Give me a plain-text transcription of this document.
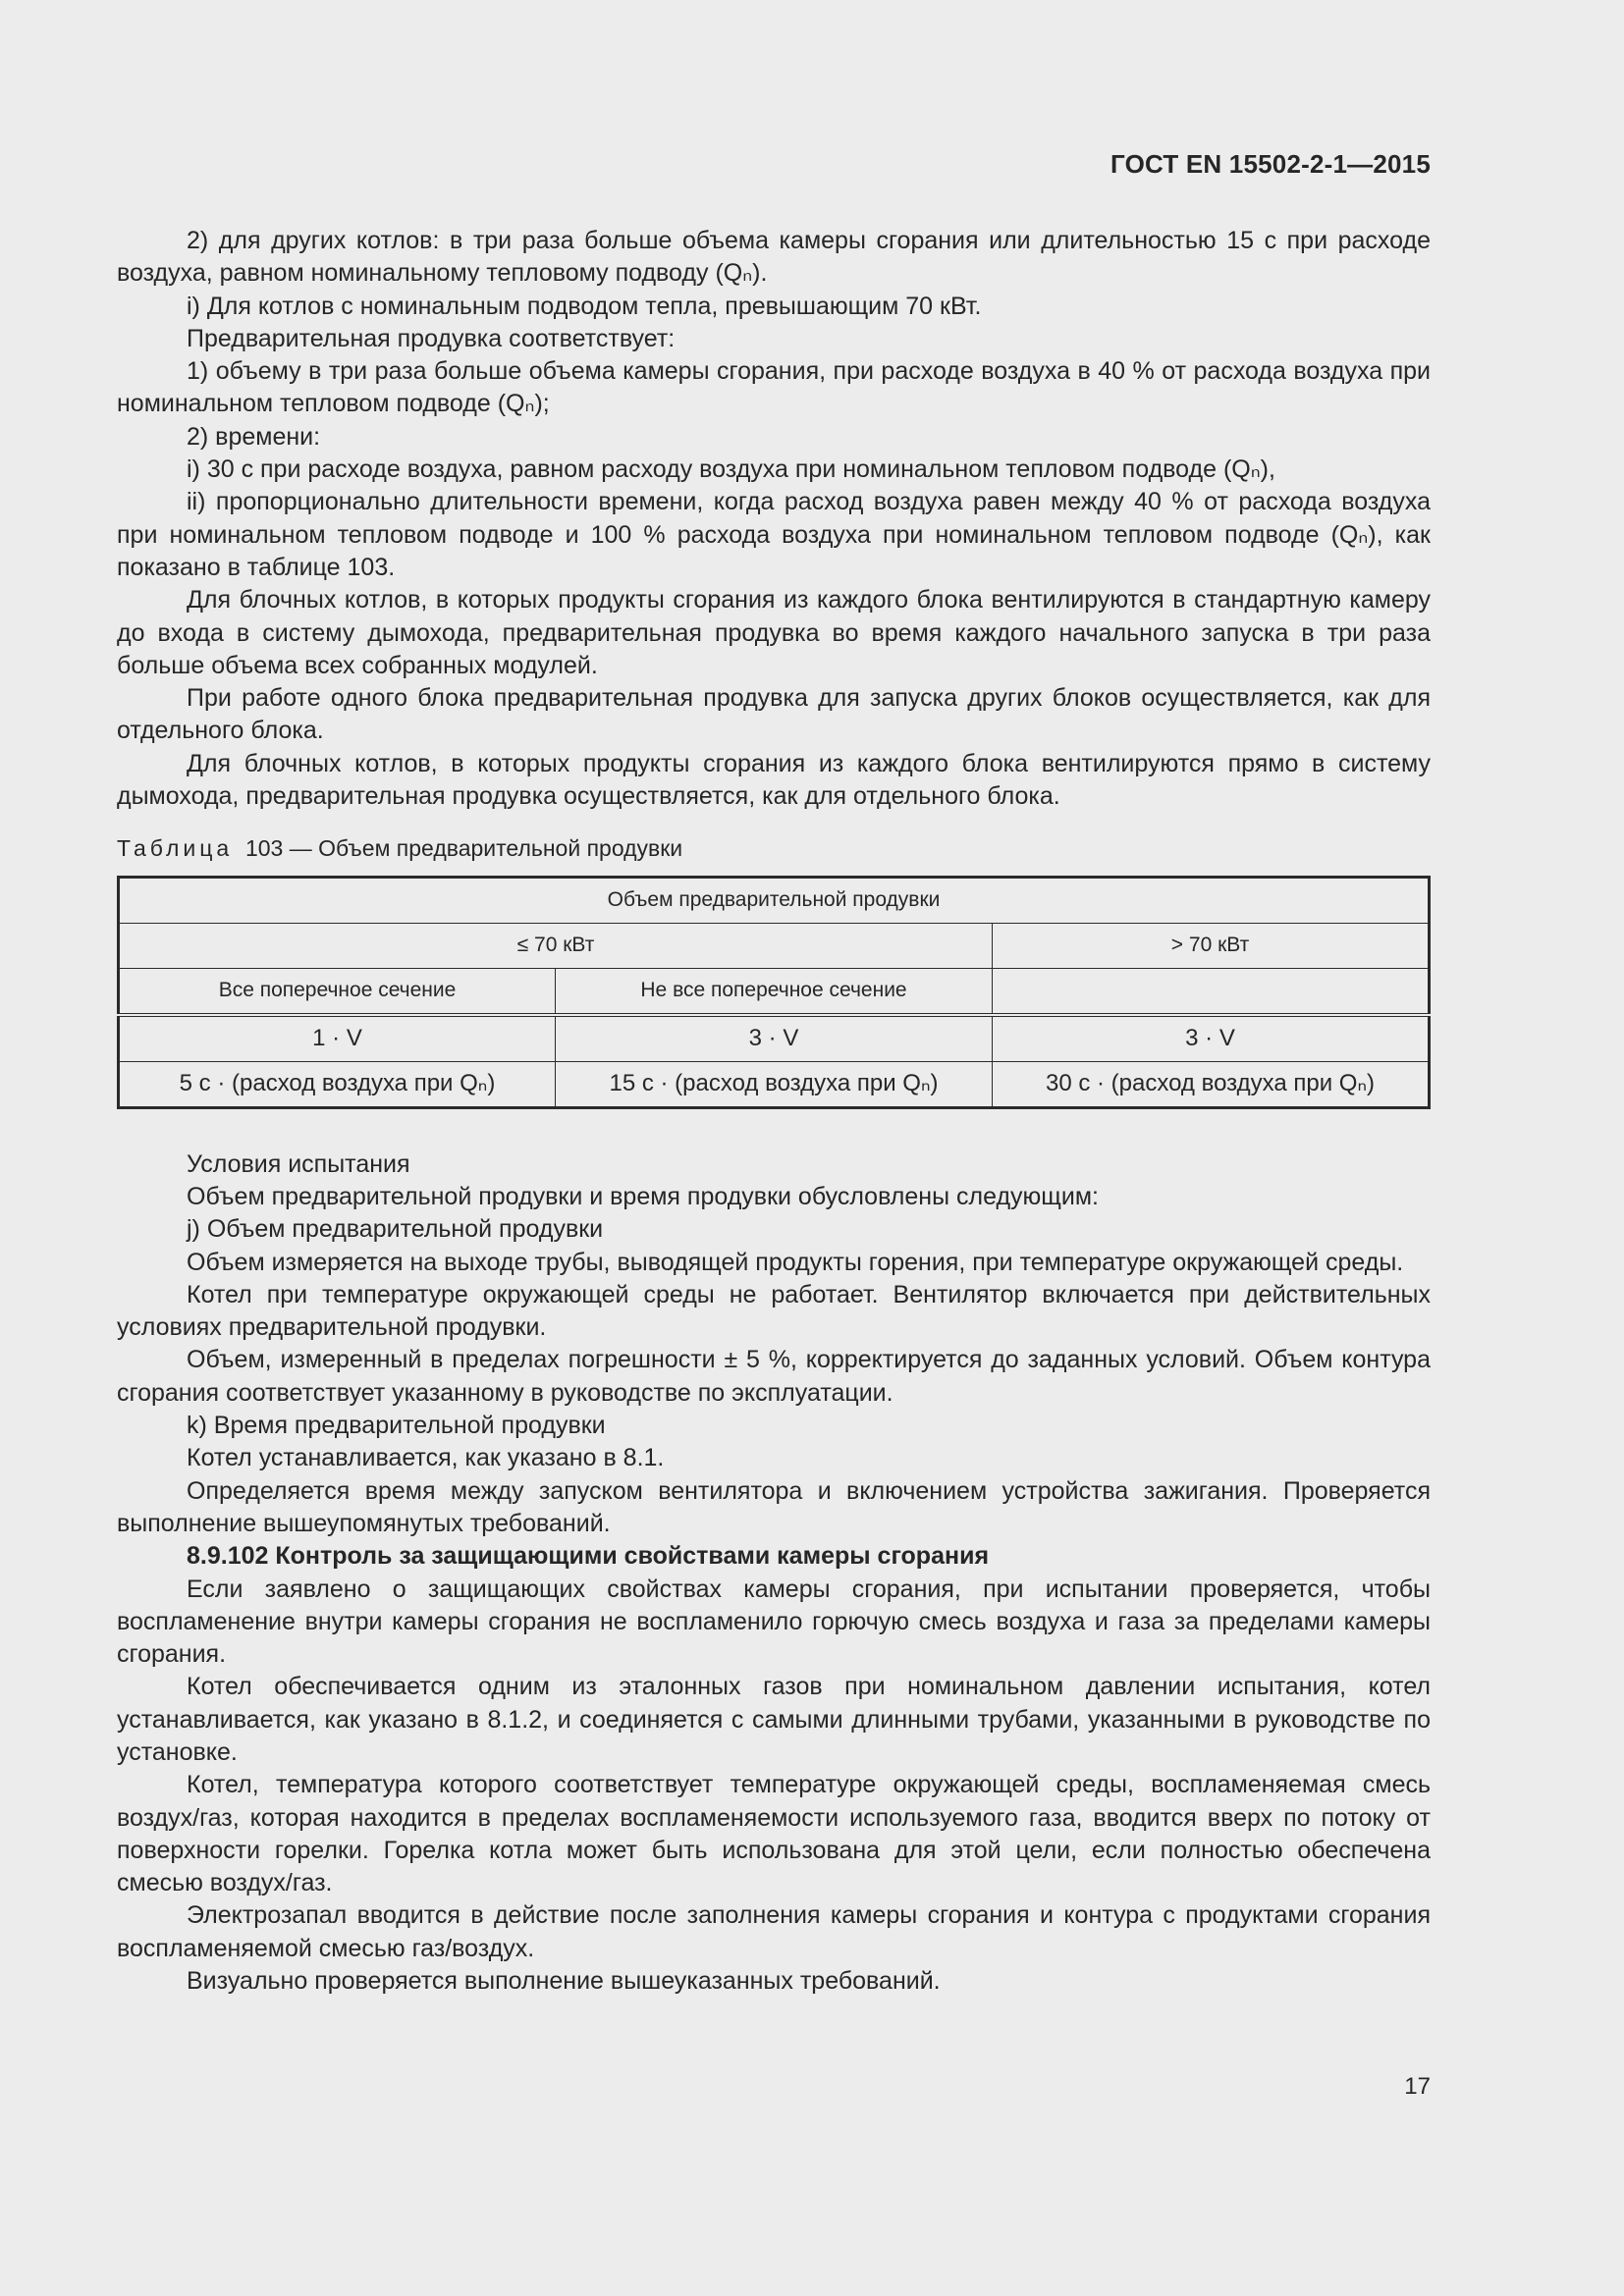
ГОСТ EN 15502-2-1—2015

2) для других котлов: в три раза больше объема камеры сгорания или длительностью 15 с при расходе воздуха, равном номинальному тепловому подводу (Qₙ).

i) Для котлов с номинальным подводом тепла, превышающим 70 кВт.

Предварительная продувка соответствует:

1) объему в три раза больше объема камеры сгорания, при расходе воздуха в 40 % от расхода воздуха при номинальном тепловом подводе (Qₙ);

2) времени:

i) 30 с при расходе воздуха, равном расходу воздуха при номинальном тепловом подводе (Qₙ),

ii) пропорционально длительности времени, когда расход воздуха равен между 40 % от расхода воздуха при номинальном тепловом подводе и 100 % расхода воздуха при номинальном тепловом подводе (Qₙ), как показано в таблице 103.

Для блочных котлов, в которых продукты сгорания из каждого блока вентилируются в стандартную камеру до входа в систему дымохода, предварительная продувка во время каждого начального запуска в три раза больше объема всех собранных модулей.

При работе одного блока предварительная продувка для запуска других блоков осуществляется, как для отдельного блока.

Для блочных котлов, в которых продукты сгорания из каждого блока вентилируются прямо в систему дымохода, предварительная продувка осуществляется, как для отдельного блока.

Таблица 103 — Объем предварительной продувки

Объем предварительной продувки		
≤ 70 кВт		> 70 кВт
Все поперечное сечение	Не все поперечное сечение	
1 · V	3 · V	3 · V
5 с · (расход воздуха при Qₙ)	15 с · (расход воздуха при Qₙ)	30 с · (расход воздуха при Qₙ)

Условия испытания

Объем предварительной продувки и время продувки обусловлены следующим:

j) Объем предварительной продувки

Объем измеряется на выходе трубы, выводящей продукты горения, при температуре окружающей среды.

Котел при температуре окружающей среды не работает. Вентилятор включается при действительных условиях предварительной продувки.

Объем, измеренный в пределах погрешности ± 5 %, корректируется до заданных условий. Объем контура сгорания соответствует указанному в руководстве по эксплуатации.

k) Время предварительной продувки

Котел устанавливается, как указано в 8.1.

Определяется время между запуском вентилятора и включением устройства зажигания. Проверяется выполнение вышеупомянутых требований.

8.9.102 Контроль за защищающими свойствами камеры сгорания

Если заявлено о защищающих свойствах камеры сгорания, при испытании проверяется, чтобы воспламенение внутри камеры сгорания не воспламенило горючую смесь воздуха и газа за пределами камеры сгорания.

Котел обеспечивается одним из эталонных газов при номинальном давлении испытания, котел устанавливается, как указано в 8.1.2, и соединяется с самыми длинными трубами, указанными в руководстве по установке.

Котел, температура которого соответствует температуре окружающей среды, воспламеняемая смесь воздух/газ, которая находится в пределах воспламеняемости используемого газа, вводится вверх по потоку от поверхности горелки. Горелка котла может быть использована для этой цели, если полностью обеспечена смесью воздух/газ.

Электрозапал вводится в действие после заполнения камеры сгорания и контура с продуктами сгорания воспламеняемой смесью газ/воздух.

Визуально проверяется выполнение вышеуказанных требований.

17
